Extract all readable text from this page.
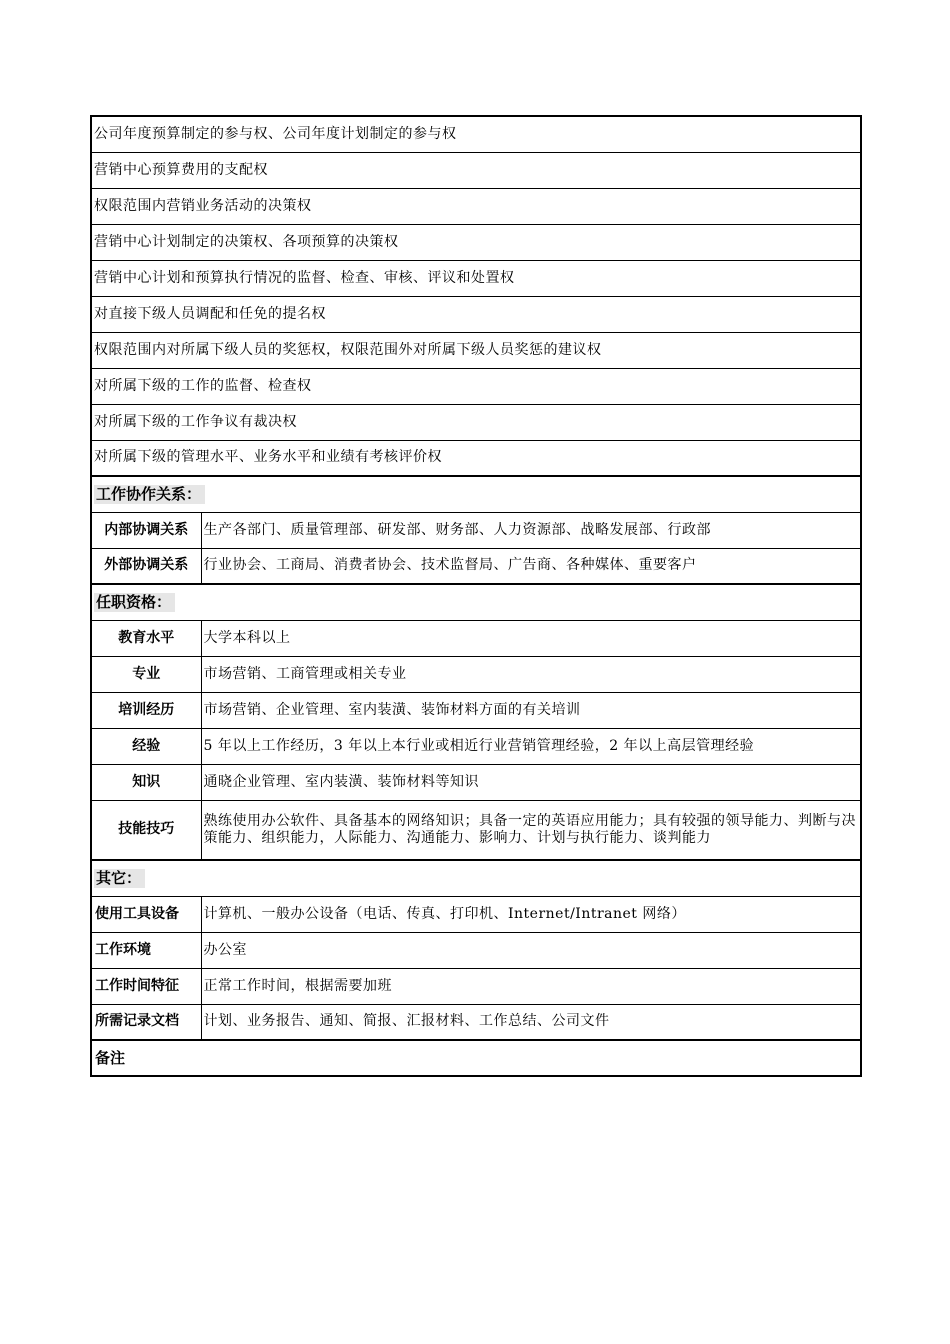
公司年度预算制定的参与权、公司年度计划制定的参与权	
营销中心预算费用的支配权	
权限范围内营销业务活动的决策权	
营销中心计划制定的决策权、各项预算的决策权	
营销中心计划和预算执行情况的监督、检查、审核、评议和处置权	
对直接下级人员调配和任免的提名权	
权限范围内对所属下级人员的奖惩权，权限范围外对所属下级人员奖惩的建议权	
对所属下级的工作的监督、检查权	
对所属下级的工作争议有裁决权	
对所属下级的管理水平、业务水平和业绩有考核评价权	
工作协作关系：	
内部协调关系	生产各部门、质量管理部、研发部、财务部、人力资源部、战略发展部、行政部
外部协调关系	行业协会、工商局、消费者协会、技术监督局、广告商、各种媒体、重要客户
任职资格：	
教育水平	大学本科以上
专业	市场营销、工商管理或相关专业
培训经历	市场营销、企业管理、室内装潢、装饰材料方面的有关培训
经验	5 年以上工作经历，3 年以上本行业或相近行业营销管理经验，2 年以上高层管理经验
知识	通晓企业管理、室内装潢、装饰材料等知识
技能技巧	熟练使用办公软件、具备基本的网络知识；具备一定的英语应用能力；具有较强的领导能力、判断与决策能力、组织能力，人际能力、沟通能力、影响力、计划与执行能力、谈判能力
其它：	
使用工具设备	计算机、一般办公设备（电话、传真、打印机、Internet/Intranet 网络）
工作环境	办公室
工作时间特征	正常工作时间，根据需要加班
所需记录文档	计划、业务报告、通知、简报、汇报材料、工作总结、公司文件
备注	
